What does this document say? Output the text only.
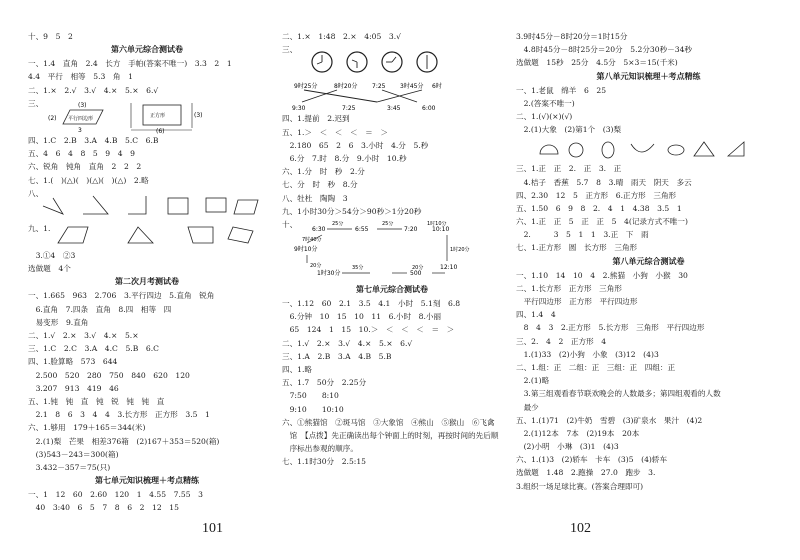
十、9　5　2
第六单元综合测试卷
一、1.4　直角　2.4　长方　手帕(答案不唯一)　3.3　2　1
4.4　平行　相等　5.3　角　1
二、1.×　2.√　3.√　4.×　5.×　6.√
三、	(3)
(2) 平行四边形
3
正方形	(3)
(6)
四、1.C　2.B　3.A　4.B　5.C　6.B
五、4　6　4　8　5　9　4　9
六、锐角　钝角　直角　2　2　2
七、1.(　)(△)(　)(△)(　)(△)　2.略
八、
九、1.
　3.①4　②3
选做题　4个
第二次月考测试卷
一、1.665　963　2.706　3.平行四边　5.直角　锐角
　6.直角　7.四条　直角　8.四　相等　四
　易变形　9.直角
二、1.√　2.×　3.√　4.×　5.×
三、1.C　2.C　3.A　4.C　5.B　6.C
四、1.脸算略　573　644
　2.500　520　280　750　840　620　120
　3.207　913　419　46
五、1.钝　钝　直　钝　锐　钝　钝　直
　2.1　8　6　3　4　4　3.长方形　正方形　3.5　1
六、1.够用　179＋165＝344(米)
　2.(1)梨　芒果　相差376箱　(2)167＋353＝520(箱)
　(3)543－243＝300(箱)
　3.432－357＝75(只)
第七单元知识梳理＋考点精练
一、1　12　60　2.60　120　1　4.55　7.55　3
　40　3:40　6　5　7　8　6　2　12　15
二、1.×　1:48　2.×　4:05　3.√
三、
9时25分	8时20分 7:25 3时45分 6时
9:30	7:25	3:45	6:00
四、1.提前　2.迟到
五、1.＞　＜　＜　＜　＝　＞
　2.180　65　2　6　3.小时　4.分　5.秒
　6.分　7.时　8.分　9.小时　10.秒
六、1.分　时　秒　2.分
七、分　时　秒　8.分
八、牡杜　陶陶　3
九、1小时30分＞54分＞90秒＞1分20秒
十、
6:30	6:55	7:20 10:10
25分	25分	1时10分
7时40分
9时10分	1时20分
12:10
20分
1时30分
35分	20分
500
第七单元综合测试卷
一、1.12　60　2.1　3.5　4.1　小时　5.1刻　6.8
　6.分钟　10　15　10　11　6.小时　8.小丽
　65　124　1　15　10.＞　＜　＜　＜　＝　＞
二、1.√　2.×　3.√　4.×　5.×　6.√
三、1.A　2.B　3.A　4.B　5.B
四、1.略
五、1.7　50分　2.25分
　7:50　　8:10
　9:10　　10:10
六、①熊猫馆　②斑马馆　③大象馆　④熊山　⑤猴山　⑥飞禽
　馆　【点拨】先正确读出每个钟面上的时刻，再按时间的先后顺
　序标出参观的顺序。
七、1.1时30分　2.5:15
3.9时45分－8时20分＝1时15分
　4.8时45分－8时25分＝20分　5.2分30秒－34秒
选做题　15秒　25分　4.5分　5×3＝15(千米)
第八单元知识梳理＋考点精练
一、1.老鼠　绵羊　6　25
　2.(答案不唯一)
二、1.(√)(×)(√)
　2.(1)大象　(2)第1个　(3)梨
三、1.正　正　2.　正　3.　正
　4.桔子　香蕉　5.7　8　3.晴　雨天　阴天　多云
四、2.30　12　5　正方形　6.正方形　三角形
五、1.50　6　9　8　2.　4　1　4.38　3.5　1
六、1.正　正　5　正　正　5　4(记录方式不唯一)
　2.　　　3　5　1　1　3.正　下　雨
七、1.正方形　圆　长方形　三角形
第八单元综合测试卷
一、1.10　14　10　4　2.熊猫　小狗　小猴　30
二、1.长方形　正方形　三角形
　平行四边形　正方形　平行四边形
四、1.4　4
　8　4　3　2.正方形　5.长方形　三角形　平行四边形
三、2.　4　2　正方形　4
　1.(1)33　(2)小狗　小象　(3)12　(4)3
二、1.组：正　二组：正　三组：正　四组：正
　2.(1)略
　3.第三组观看春节联欢晚会的人数最多；第四组观看的人数
　最少
五、1.(1)71　(2)牛奶　雪碧　(3)矿泉水　果汁　(4)2
　2.(1)12本　7本　(2)19本　20本
　(2)小明　小琳　(3)1　(4)3
六、1.(1)3　(2)轿车　卡车　(3)5　(4)轿车
选做题　1.48　2.跑操　27.0　跑步　3.
3.组织一场足球比赛。(答案合理即可)
101	102
